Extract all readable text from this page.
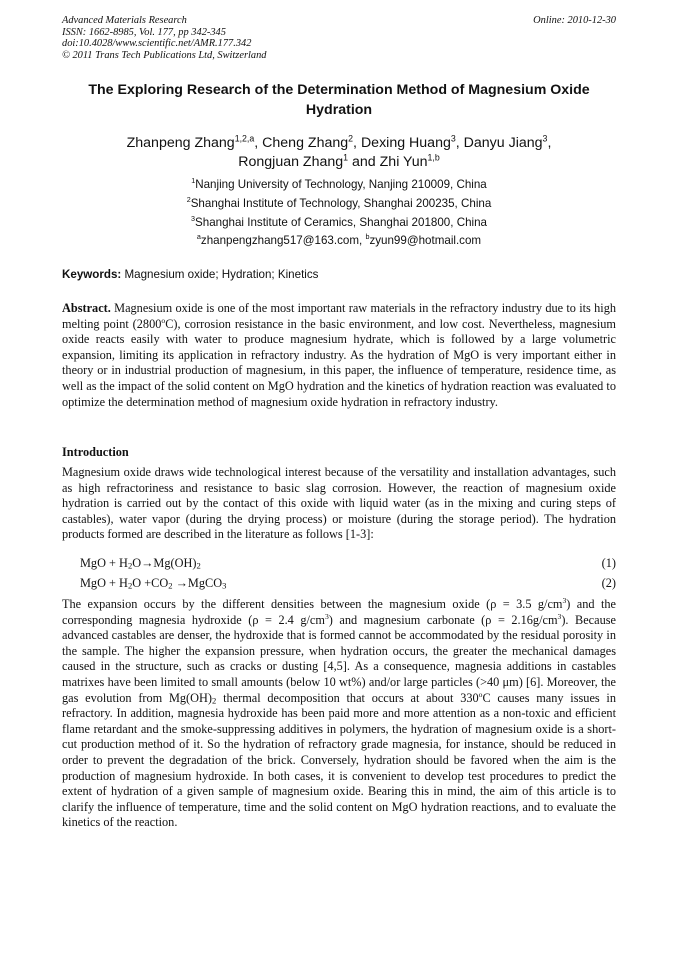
Advanced Materials Research
ISSN: 1662-8985, Vol. 177, pp 342-345
doi:10.4028/www.scientific.net/AMR.177.342
© 2011 Trans Tech Publications Ltd, Switzerland
Online: 2010-12-30
The Exploring Research of the Determination Method of Magnesium Oxide Hydration
Zhanpeng Zhang$^{1,2,a}$, Cheng Zhang$^2$, Dexing Huang$^3$, Danyu Jiang$^3$,
Rongjuan Zhang$^1$ and Zhi Yun$^{1,b}$
$^1$Nanjing University of Technology, Nanjing 210009, China
$^2$Shanghai Institute of Technology, Shanghai 200235, China
$^3$Shanghai Institute of Ceramics, Shanghai 201800, China
$^a$zhanpengzhang517@163.com, $^b$zyun99@hotmail.com
Keywords: Magnesium oxide; Hydration; Kinetics
Abstract. Magnesium oxide is one of the most important raw materials in the refractory industry due to its high melting point (2800$^o$C), corrosion resistance in the basic environment, and low cost. Nevertheless, magnesium oxide reacts easily with water to produce magnesium hydrate, which is followed by a large volumetric expansion, limiting its application in refractory industry. As the hydration of MgO is very important either in theory or in industrial production of magnesium, in this paper, the influence of temperature, residence time, as well as the impact of the solid content on MgO hydration and the kinetics of hydration reaction was evaluated to optimize the determination method of magnesium oxide hydration in refractory industry.
Introduction
Magnesium oxide draws wide technological interest because of the versatility and installation advantages, such as high refractoriness and resistance to basic slag corrosion. However, the reaction of magnesium oxide hydration is carried out by the contact of this oxide with liquid water (as in the mixing and curing steps of castables), water vapor (during the drying process) or moisture (during the storage period). The hydration products formed are described in the literature as follows [1-3]:
MgO + $H_2O\to Mg(OH)_2$	(1)
MgO + $H_2O +CO_2$ →MgCO$_3$	(2)
The expansion occurs by the different densities between the magnesium oxide (ρ = 3.5 $g/cm^3$) and the corresponding magnesia hydroxide (ρ = 2.4 $g/cm^3$) and magnesium carbonate $(\rho = 2.16g/cm^3)$. Because advanced castables are denser, the hydroxide that is formed cannot be accommodated by the residual porosity in the sample. The higher the expansion pressure, when hydration occurs, the greater the mechanical damages caused in the structure, such as cracks or dusting [4,5]. As a consequence, magnesia additions in castables matrixes have been limited to small amounts (below 10 wt%) and/or large particles (>40 μm) [6]. Moreover, the gas evolution from $Mg(OH)_2$ thermal decomposition that occurs at about 330$^o$C causes many issues in refractory. In addition, magnesia hydroxide has been paid more and more attention as a non-toxic and efficient flame retardant and the smoke-suppressing additives in polymers, the hydration of magnesium oxide is a short-cut production method of it. So the hydration of refractory grade magnesia, for instance, should be reduced in order to prevent the degradation of the brick. Conversely, hydration should be favored when the aim is the production of magnesium hydroxide. In both cases, it is convenient to develop test procedures to predict the extent of hydration of a given sample of magnesium oxide. Bearing this in mind, the aim of this article is to clarify the influence of temperature, time and the solid content on MgO hydration reactions, and to evaluate the kinetics of the reaction.
